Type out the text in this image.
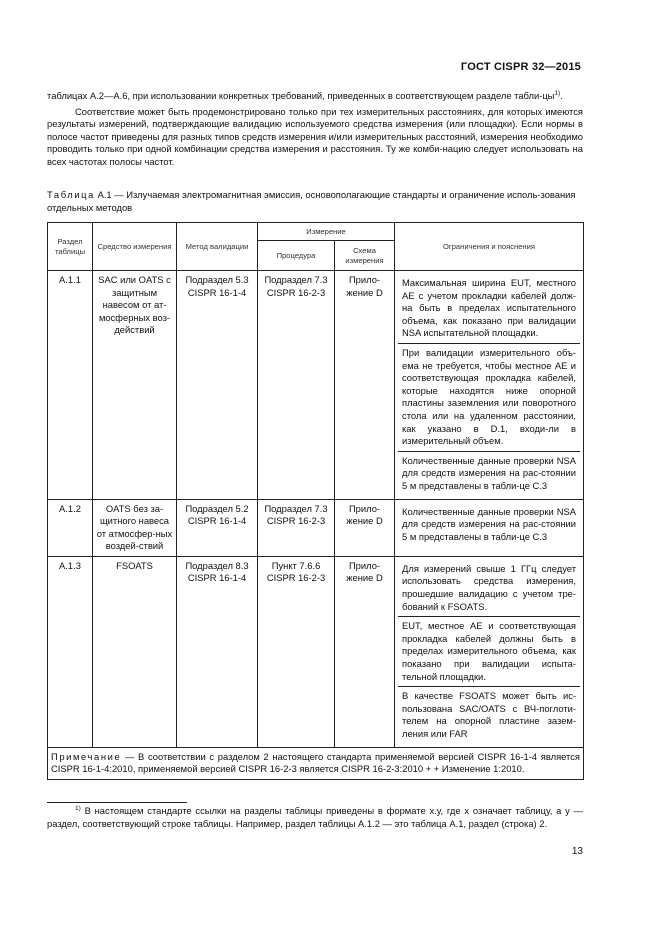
ГОСТ CISPR 32—2015

таблицах А.2—А.6, при использовании конкретных требований, приведенных в соответствующем разделе табли-$цы^{1)}$.

Соответствие может быть продемонстрировано только при тех измерительных расстояниях, для которых имеются результаты измерений, подтверждающие валидацию используемого средства измерения (или площадки). Если нормы в полосе частот приведены для разных типов средств измерения и/или измерительных расстояний, измерения необходимо проводить только при одной комбинации средства измерения и расстояния. Ту же комби-нацию следует использовать на всех частотах полосы частот.

Таблица А.1 — Излучаемая электромагнитная эмиссия, основополагающие стандарты и ограничение исполь-зования отдельных методов
Раздел таблицы	Средство измерения	Метод валидации	Измерение		Ограничения и пояснения
			Процедура	Схема измерения	
А.1.1	SAC или OATS с защитным навесом от ат-мосферных воз-действий	Подраздел 5.3 CISPR 16-1-4	Подраздел 7.3 CISPR 16-2-3	Прило-жение D	Максимальная ширина EUT, местного AE с учетом прокладки кабелей долж-на быть в пределах испытательного объема, как показано при валидации NSA испытательной площадки.
При валидации измерительного объ-ема не требуется, чтобы местное AE и соответствующая прокладка кабелей, которые находятся ниже опорной пластины заземления или поворотного стола или на удаленном расстоянии, как указано в D.1, входи-ли в измерительный объем.
Количественные данные проверки NSA для средств измерения на рас-стоянии 5 м представлены в табли-це С.3

А.1.2	OATS без за-щитного навеса от атмосфер-ных воздей-ствий	Подраздел 5.2 CISPR 16-1-4	Подраздел 7.3 CISPR 16-2-3	Прило-жение D	Количественные данные проверки NSA для средств измерения на рас-стоянии 5 м представлены в табли-це С.3

А.1.3	FSOATS	Подраздел 8.3 CISPR 16-1-4	Пункт 7.6.6 CISPR 16-2-3	Прило-жение D	Для измерений свыше 1 ГГц следует использовать средства измерения, прошедшие валидацию с учетом тре-бований к FSOATS.
EUT, местное AE и соответствующая прокладка кабелей должны быть в пределах измерительного объема, как показано при валидации испыта-тельной площадки.
В качестве FSOATS может быть ис-пользована SAC/OATS с ВЧ-поглоти-телем на опорной пластине зазем-ления или FAR

Примечание — В соответствии с разделом 2 настоящего стандарта применяемой версией CISPR 16-1-4 является CISPR 16-1-4:2010, применяемой версией CISPR 16-2-3 является CISPR 16-2-3:2010 + + Изменение 1:2010.					
$^{1)}$ В настоящем стандарте ссылки на разделы таблицы приведены в формате х.у, где х означает таблицу, а у — раздел, соответствующий строке таблицы. Например, раздел таблицы А.1.2 — это таблица А.1, раздел (строка) 2.
13
